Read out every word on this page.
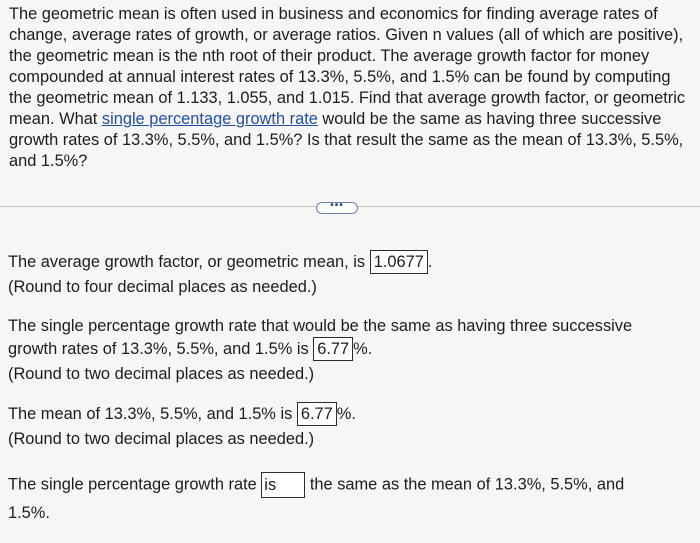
The geometric mean is often used in business and economics for finding average rates of change, average rates of growth, or average ratios. Given n values (all of which are positive), the geometric mean is the nth root of their product. The average growth factor for money compounded at annual interest rates of 13.3%, 5.5%, and 1.5% can be found by computing the geometric mean of 1.133, 1.055, and 1.015. Find that average growth factor, or geometric mean. What single percentage growth rate would be the same as having three successive growth rates of 13.3%, 5.5%, and 1.5%? Is that result the same as the mean of 13.3%, 5.5%, and 1.5%?
•••
The average growth factor, or geometric mean, is 1.0677 .
(Round to four decimal places as needed.)
The single percentage growth rate that would be the same as having three successive
growth rates of 13.3%, 5.5%, and 1.5% is 6.77 %.
(Round to two decimal places as needed.)
The mean of 13.3%, 5.5%, and 1.5% is 6.77 %.
(Round to two decimal places as needed.)
The single percentage growth rate is the same as the mean of 13.3%, 5.5%, and
1.5%.
